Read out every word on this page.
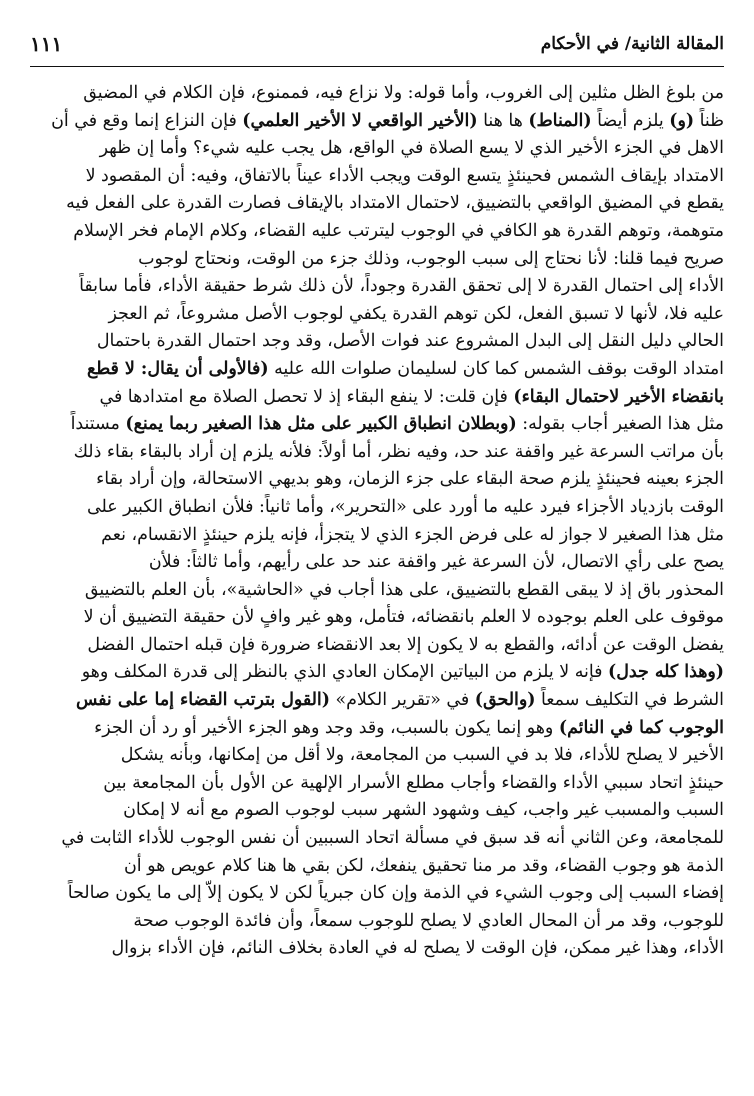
المقالة الثانية/ في الأحكام
١١١
من بلوغ الظل مثلين إلى الغروب، وأما قوله: ولا نزاع فيه، فممنوع، فإن الكلام في المضيق
ظناً (و) يلزم أيضاً (المناط) ها هنا (الأخير الواقعي لا الأخير العلمي) فإن النزاع إنما وقع في أن
الاهل في الجزء الأخير الذي لا يسع الصلاة في الواقع، هل يجب عليه شيء؟ وأما إن ظهر
الامتداد بإيقاف الشمس فحينئذٍ يتسع الوقت ويجب الأداء عيناً بالاتفاق، وفيه: أن المقصود لا
يقطع في المضيق الواقعي بالتضييق، لاحتمال الامتداد بالإيقاف فصارت القدرة على الفعل فيه
متوهمة، وتوهم القدرة هو الكافي في الوجوب ليترتب عليه القضاء، وكلام الإمام فخر الإسلام
صريح فيما قلنا: لأنا نحتاج إلى سبب الوجوب، وذلك جزء من الوقت، ونحتاج لوجوب
الأداء إلى احتمال القدرة لا إلى تحقق القدرة وجوداً، لأن ذلك شرط حقيقة الأداء، فأما سابقاً
عليه فلا، لأنها لا تسبق الفعل، لكن توهم القدرة يكفي لوجوب الأصل مشروعاً، ثم العجز
الحالي دليل النقل إلى البدل المشروع عند فوات الأصل، وقد وجد احتمال القدرة باحتمال
امتداد الوقت بوقف الشمس كما كان لسليمان صلوات الله عليه (فالأولى أن يقال: لا قطع
بانقضاء الأخير لاحتمال البقاء) فإن قلت: لا ينفع البقاء إذ لا تحصل الصلاة مع امتدادها في
مثل هذا الصغير أجاب بقوله: (وبطلان انطباق الكبير على مثل هذا الصغير ربما يمنع) مستنداً
بأن مراتب السرعة غير واقفة عند حد، وفيه نظر، أما أولاً: فلأنه يلزم إن أراد بالبقاء بقاء ذلك
الجزء بعينه فحينئذٍ يلزم صحة البقاء على جزء الزمان، وهو بديهي الاستحالة، وإن أراد بقاء
الوقت بازدياد الأجزاء فيرد عليه ما أورد على «التحرير»، وأما ثانياً: فلأن انطباق الكبير على
مثل هذا الصغير لا جواز له على فرض الجزء الذي لا يتجزأ، فإنه يلزم حينئذٍ الانقسام، نعم
يصح على رأي الاتصال، لأن السرعة غير واقفة عند حد على رأيهم، وأما ثالثاً: فلأن
المحذور باق إذ لا يبقى القطع بالتضييق، على هذا أجاب في «الحاشية»، بأن العلم بالتضييق
موقوف على العلم بوجوده لا العلم بانقضائه، فتأمل، وهو غير وافٍ لأن حقيقة التضييق أن لا
يفضل الوقت عن أدائه، والقطع به لا يكون إلا بعد الانقضاء ضرورة فإن قبله احتمال الفضل
(وهذا كله جدل) فإنه لا يلزم من البياتين الإمكان العادي الذي بالنظر إلى قدرة المكلف وهو
الشرط في التكليف سمعاً (والحق) في «تقرير الكلام» (القول بترتب القضاء إما على نفس
الوجوب كما في النائم) وهو إنما يكون بالسبب، وقد وجد وهو الجزء الأخير أو رد أن الجزء
الأخير لا يصلح للأداء، فلا بد في السبب من المجامعة، ولا أقل من إمكانها، وبأنه يشكل
حينئذٍ اتحاد سببي الأداء والقضاء وأجاب مطلع الأسرار الإلهية عن الأول بأن المجامعة بين
السبب والمسبب غير واجب، كيف وشهود الشهر سبب لوجوب الصوم مع أنه لا إمكان
للمجامعة، وعن الثاني أنه قد سبق في مسألة اتحاد السببين أن نفس الوجوب للأداء الثابت في
الذمة هو وجوب القضاء، وقد مر منا تحقيق ينفعك، لكن بقي ها هنا كلام عويص هو أن
إفضاء السبب إلى وجوب الشيء في الذمة وإن كان جبرياً لكن لا يكون إلاّ إلى ما يكون صالحاً
للوجوب، وقد مر أن المحال العادي لا يصلح للوجوب سمعاً، وأن فائدة الوجوب صحة
الأداء، وهذا غير ممكن، فإن الوقت لا يصلح له في العادة بخلاف النائم، فإن الأداء بزوال
